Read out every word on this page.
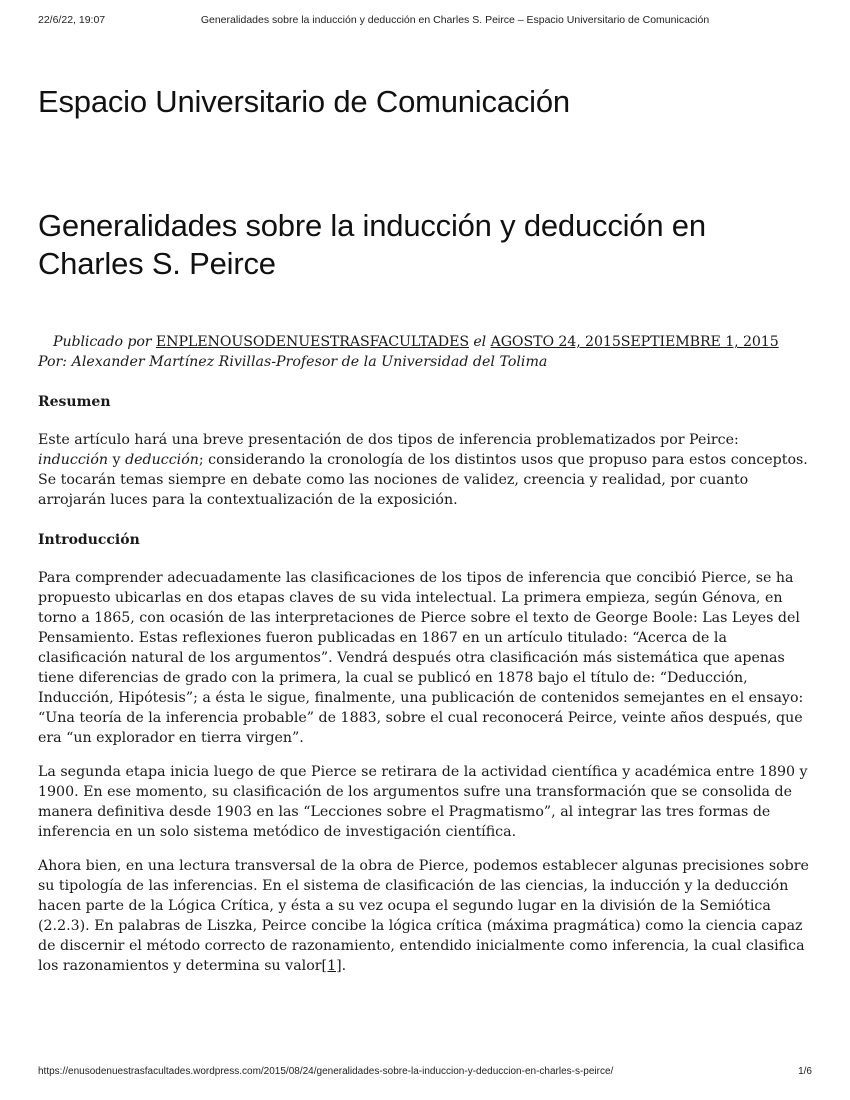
22/6/22, 19:07	Generalidades sobre la inducción y deducción en Charles S. Peirce – Espacio Universitario de Comunicación
Espacio Universitario de Comunicación
Generalidades sobre la inducción y deducción en Charles S. Peirce

Publicado por ENPLENOUSODENUESTRASFACULTADES el AGOSTO 24, 2015SEPTIEMBRE 1, 2015

Por: Alexander Martínez Rivillas-Profesor de la Universidad del Tolima

Resumen

Este artículo hará una breve presentación de dos tipos de inferencia problematizados por Peirce: inducción y deducción; considerando la cronología de los distintos usos que propuso para estos conceptos. Se tocarán temas siempre en debate como las nociones de validez, creencia y realidad, por cuanto arrojarán luces para la contextualización de la exposición.

Introducción

Para comprender adecuadamente las clasificaciones de los tipos de inferencia que concibió Pierce, se ha propuesto ubicarlas en dos etapas claves de su vida intelectual. La primera empieza, según Génova, en torno a 1865, con ocasión de las interpretaciones de Pierce sobre el texto de George Boole: Las Leyes del Pensamiento. Estas reflexiones fueron publicadas en 1867 en un artículo titulado: “Acerca de la clasificación natural de los argumentos”. Vendrá después otra clasificación más sistemática que apenas tiene diferencias de grado con la primera, la cual se publicó en 1878 bajo el título de: “Deducción, Inducción, Hipótesis”; a ésta le sigue, finalmente, una publicación de contenidos semejantes en el ensayo: “Una teoría de la inferencia probable” de 1883, sobre el cual reconocerá Peirce, veinte años después, que era “un explorador en tierra virgen”.

La segunda etapa inicia luego de que Pierce se retirara de la actividad científica y académica entre 1890 y 1900. En ese momento, su clasificación de los argumentos sufre una transformación que se consolida de manera definitiva desde 1903 en las “Lecciones sobre el Pragmatismo”, al integrar las tres formas de inferencia en un solo sistema metódico de investigación científica.

Ahora bien, en una lectura transversal de la obra de Pierce, podemos establecer algunas precisiones sobre su tipología de las inferencias. En el sistema de clasificación de las ciencias, la inducción y la deducción hacen parte de la Lógica Crítica, y ésta a su vez ocupa el segundo lugar en la división de la Semiótica (2.2.3). En palabras de Liszka, Peirce concibe la lógica crítica (máxima pragmática) como la ciencia capaz de discernir el método correcto de razonamiento, entendido inicialmente como inferencia, la cual clasifica los razonamientos y determina su valor[1].

https://enusodenuestrasfacultades.wordpress.com/2015/08/24/generalidades-sobre-la-induccion-y-deduccion-en-charles-s-peirce/	1/6
